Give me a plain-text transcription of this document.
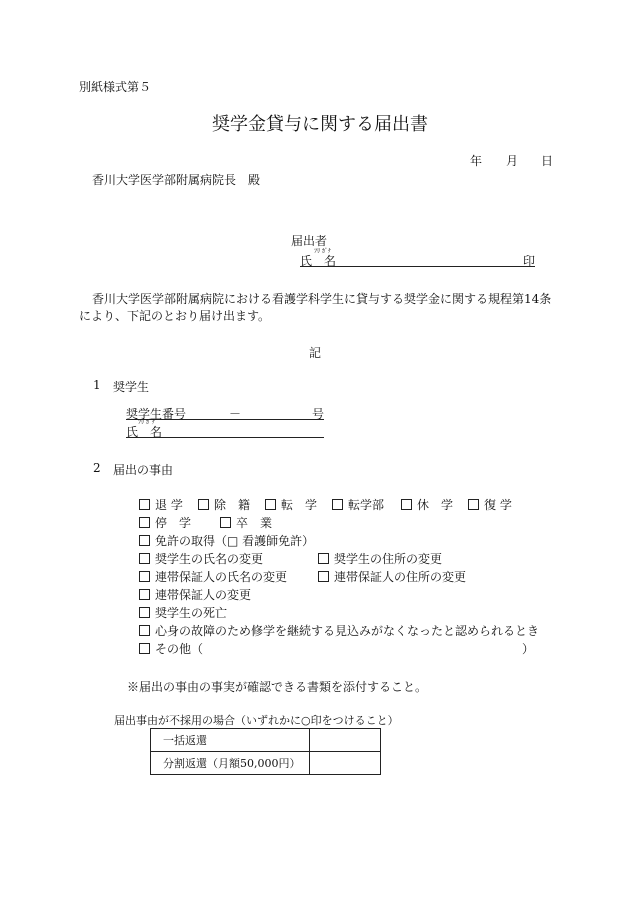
別紙様式第５
奨学金貸与に関する届出書
年 月 日
香川大学医学部附属病院長　殿
届出者
ﾌﾘ ｶﾞﾅ
氏　名	印
香川大学医学部附属病院における看護学科学生に貸与する奨学金に関する規程第14条
により、下記のとおり届け出ます。
記
1 奨学生
奨学生番号	－	号
ﾌﾘ ｶﾞﾅ
氏　名
2 届出の事由
退 学	除　籍	転　学	転学部	休　学	復 学
停　学	卒　業
免許の取得（□ 看護師免許）
奨学生の氏名の変更	奨学生の住所の変更
連帯保証人の氏名の変更	連帯保証人の住所の変更
連帯保証人の変更
奨学生の死亡
心身の故障のため修学を継続する見込みがなくなったと認められるとき
その他（	）
※届出の事由の事実が確認できる書類を添付すること。
届出事由が不採用の場合（いずれかに○印をつけること）
一括返還	
分割返還（月額50,000円）	
